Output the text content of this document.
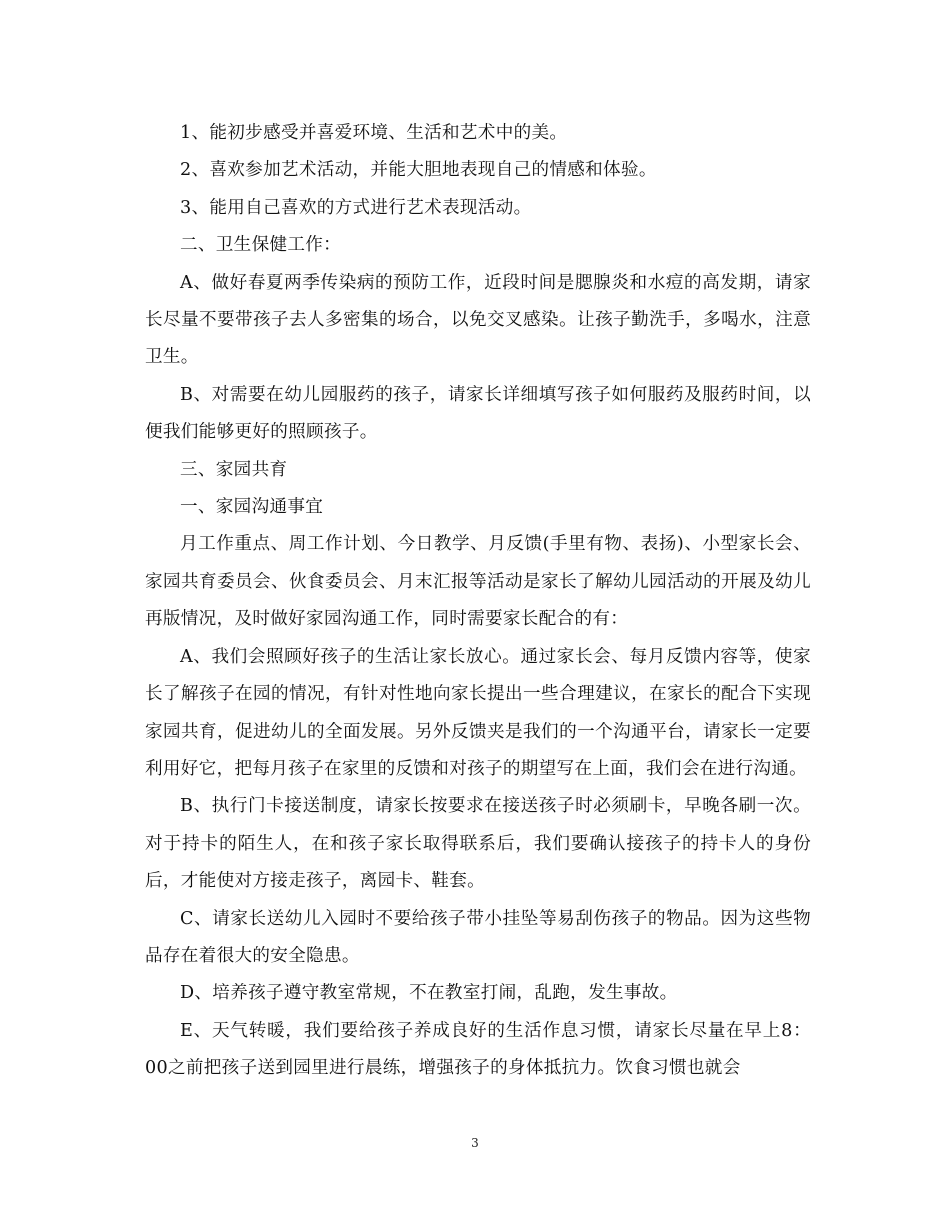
1、能初步感受并喜爱环境、生活和艺术中的美。

2、喜欢参加艺术活动，并能大胆地表现自己的情感和体验。

3、能用自己喜欢的方式进行艺术表现活动。

二、卫生保健工作：

A、做好春夏两季传染病的预防工作，近段时间是腮腺炎和水痘的高发期，请家长尽量不要带孩子去人多密集的场合，以免交叉感染。让孩子勤洗手，多喝水，注意卫生。

B、对需要在幼儿园服药的孩子，请家长详细填写孩子如何服药及服药时间，以便我们能够更好的照顾孩子。

三、家园共育

一、家园沟通事宜

月工作重点、周工作计划、今日教学、月反馈(手里有物、表扬)、小型家长会、家园共育委员会、伙食委员会、月末汇报等活动是家长了解幼儿园活动的开展及幼儿再版情况，及时做好家园沟通工作，同时需要家长配合的有：

A、我们会照顾好孩子的生活让家长放心。通过家长会、每月反馈内容等，使家长了解孩子在园的情况，有针对性地向家长提出一些合理建议，在家长的配合下实现家园共育，促进幼儿的全面发展。另外反馈夹是我们的一个沟通平台，请家长一定要利用好它，把每月孩子在家里的反馈和对孩子的期望写在上面，我们会在进行沟通。

B、执行门卡接送制度，请家长按要求在接送孩子时必须刷卡，早晚各刷一次。对于持卡的陌生人，在和孩子家长取得联系后，我们要确认接孩子的持卡人的身份后，才能使对方接走孩子，离园卡、鞋套。

C、请家长送幼儿入园时不要给孩子带小挂坠等易刮伤孩子的物品。因为这些物品存在着很大的安全隐患。

D、培养孩子遵守教室常规，不在教室打闹，乱跑，发生事故。

E、天气转暖，我们要给孩子养成良好的生活作息习惯，请家长尽量在早上8：00之前把孩子送到园里进行晨练，增强孩子的身体抵抗力。饮食习惯也就会

3
